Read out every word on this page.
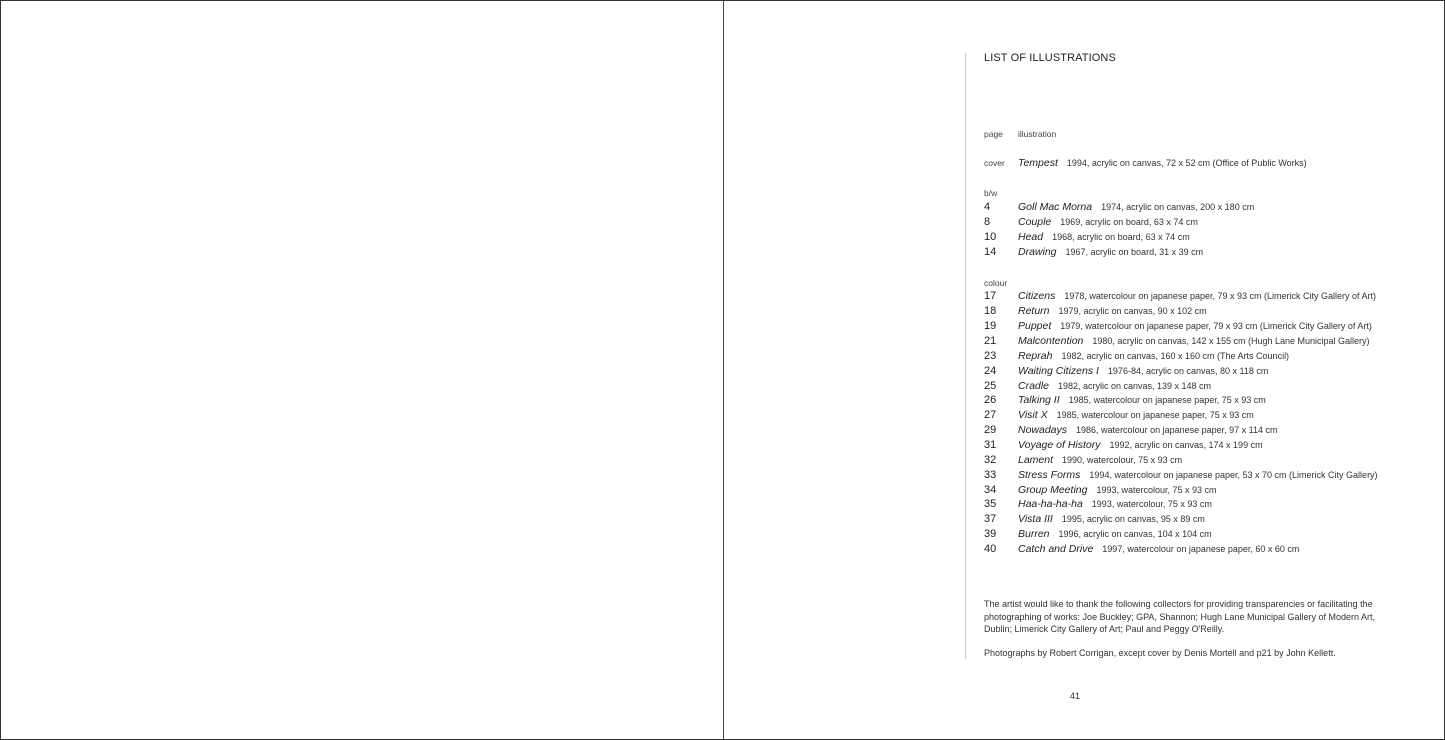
LIST OF ILLUSTRATIONS
page illustration
cover Tempest 1994, acrylic on canvas, 72 x 52 cm (Office of Public Works)
b/w
4	Goll Mac Morna 1974, acrylic on canvas, 200 x 180 cm
8	Couple 1969, acrylic on board, 63 x 74 cm
10 Head 1968, acrylic on board, 63 x 74 cm
14 Drawing 1967, acrylic on board, 31 x 39 cm
colour
17 Citizens 1978, watercolour on japanese paper, 79 x 93 cm (Limerick City Gallery of Art)
18 Return 1979, acrylic on canvas, 90 x 102 cm
19 Puppet 1979, watercolour on japanese paper, 79 x 93 cm (Limerick City Gallery of Art)
21 Malcontention 1980, acrylic on canvas, 142 x 155 cm (Hugh Lane Municipal Gallery)
23 Reprah 1982, acrylic on canvas, 160 x 160 cm (The Arts Council)
24 Waiting Citizens I 1976-84, acrylic on canvas, 80 x 118 cm
25 Cradle 1982, acrylic on canvas, 139 x 148 cm
26 Talking II 1985, watercolour on japanese paper, 75 x 93 cm
27 Visit X 1985, watercolour on japanese paper, 75 x 93 cm
29 Nowadays 1986, watercolour on japanese paper, 97 x 114 cm
31 Voyage of History 1992, acrylic on canvas, 174 x 199 cm
32 Lament 1990, watercolour, 75 x 93 cm
33 Stress Forms 1994, watercolour on japanese paper, 53 x 70 cm (Limerick City Gallery)
34 Group Meeting 1993, watercolour, 75 x 93 cm
35 Haa-ha-ha-ha 1993, watercolour, 75 x 93 cm
37 Vista III 1995, acrylic on canvas, 95 x 89 cm
39 Burren 1996, acrylic on canvas, 104 x 104 cm
40 Catch and Drive 1997, watercolour on japanese paper, 60 x 60 cm
The artist would like to thank the following collectors for providing transparencies or facilitating the photographing of works: Joe Buckley; GPA, Shannon; Hugh Lane Municipal Gallery of Modern Art, Dublin; Limerick City Gallery of Art; Paul and Peggy O'Reilly.
Photographs by Robert Corrigan, except cover by Denis Mortell and p21 by John Kellett.
41
